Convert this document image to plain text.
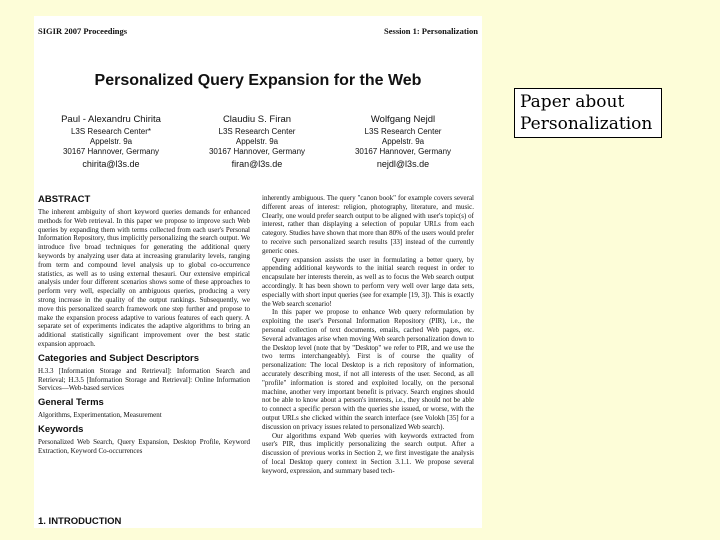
SIGIR 2007 Proceedings	Session 1: Personalization
Personalized Query Expansion for the Web
Paul - Alexandru Chirita
L3S Research Center*
Appelstr. 9a
30167 Hannover, Germany
chirita@l3s.de
Claudiu S. Firan
L3S Research Center
Appelstr. 9a
30167 Hannover, Germany
firan@l3s.de
Wolfgang Nejdl
L3S Research Center
Appelstr. 9a
30167 Hannover, Germany
nejdl@l3s.de
ABSTRACT

The inherent ambiguity of short keyword queries demands for enhanced methods for Web retrieval. In this paper we propose to improve such Web queries by expanding them with terms collected from each user's Personal Information Repository, thus implicitly personalizing the search output. We introduce five broad techniques for generating the additional query keywords by analyzing user data at increasing granularity levels, ranging from term and compound level analysis up to global co-occurrence statistics, as well as to using external thesauri. Our extensive empirical analysis under four different scenarios shows some of these approaches to perform very well, especially on ambiguous queries, producing a very strong increase in the quality of the output rankings. Subsequently, we move this personalized search framework one step further and propose to make the expansion process adaptive to various features of each query. A separate set of experiments indicates the adaptive algorithms to bring an additional statistically significant improvement over the best static expansion approach.

Categories and Subject Descriptors

H.3.3 [Information Storage and Retrieval]: Information Search and Retrieval; H.3.5 [Information Storage and Retrieval]: Online Information Services—Web-based services

General Terms

Algorithms, Experimentation, Measurement

Keywords

Personalized Web Search, Query Expansion, Desktop Profile, Keyword Extraction, Keyword Co-occurrences

1. INTRODUCTION

inherently ambiguous. The query "canon book" for example covers several different areas of interest: religion, photography, literature, and music. Clearly, one would prefer search output to be aligned with user's topic(s) of interest, rather than displaying a selection of popular URLs from each category. Studies have shown that more than 80% of the users would prefer to receive such personalized search results [33] instead of the currently generic ones.

Query expansion assists the user in formulating a better query, by appending additional keywords to the initial search request in order to encapsulate her interests therein, as well as to focus the Web search output accordingly. It has been shown to perform very well over large data sets, especially with short input queries (see for example [19, 3]). This is exactly the Web search scenario!

In this paper we propose to enhance Web query reformulation by exploiting the user's Personal Information Repository (PIR), i.e., the personal collection of text documents, emails, cached Web pages, etc. Several advantages arise when moving Web search personalization down to the Desktop level (note that by "Desktop" we refer to PIR, and we use the two terms interchangeably). First is of course the quality of personalization: The local Desktop is a rich repository of information, accurately describing most, if not all interests of the user. Second, as all "profile" information is stored and exploited locally, on the personal machine, another very important benefit is privacy. Search engines should not be able to know about a person's interests, i.e., they should not be able to connect a specific person with the queries she issued, or worse, with the output URLs she clicked within the search interface (see Volokh [35] for a discussion on privacy issues related to personalized Web search).

Our algorithms expand Web queries with keywords extracted from user's PIR, thus implicitly personalizing the search output. After a discussion of previous works in Section 2, we first investigate the analysis of local Desktop query context in Section 3.1.1. We propose several keyword, expression, and summary based tech-

Paper about
Personalization
